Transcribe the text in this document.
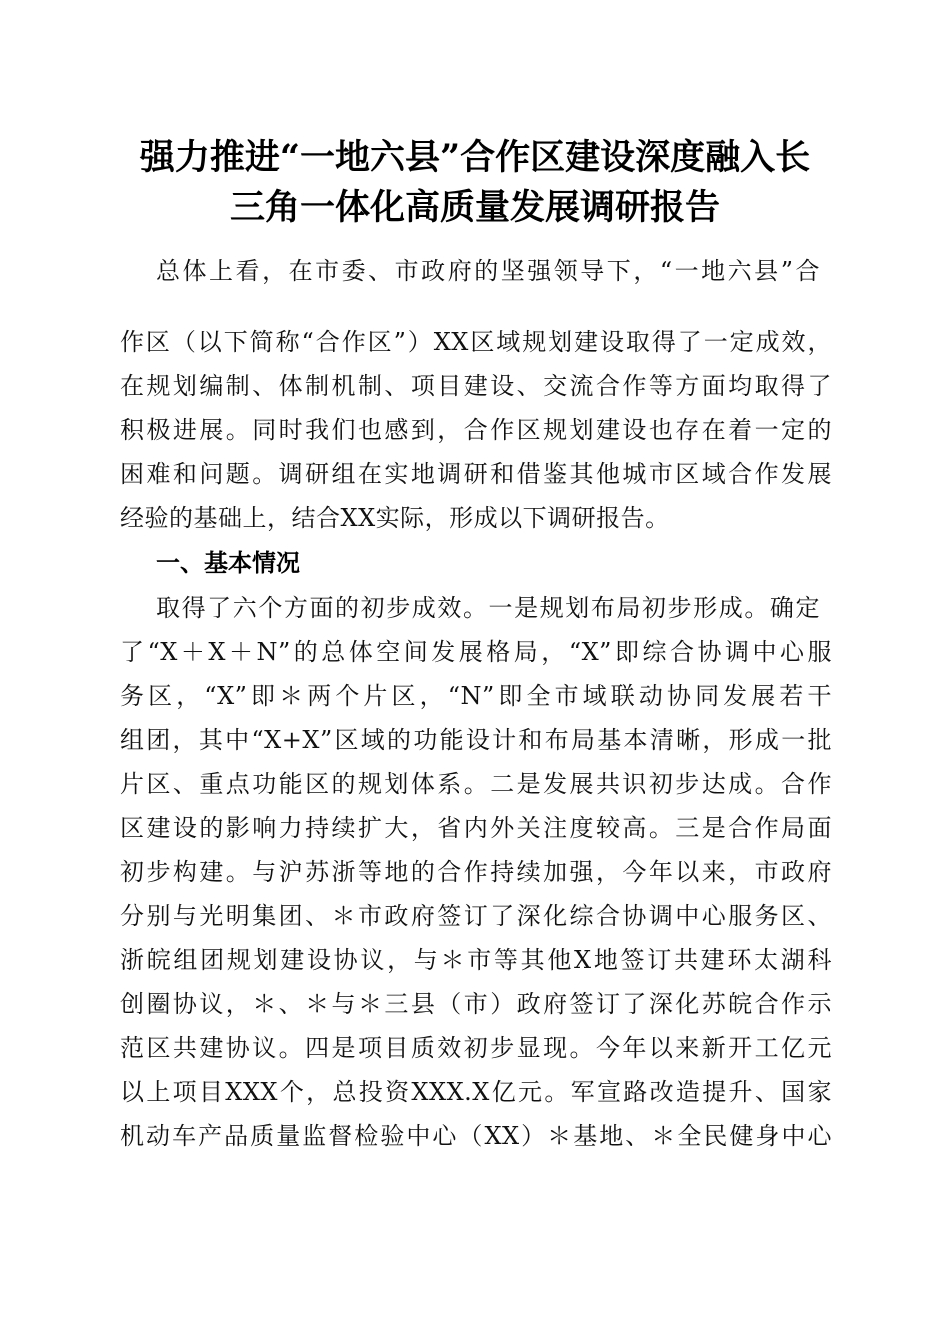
强力推进“一地六县”合作区建设深度融入长
三角一体化高质量发展调研报告
总体上看，在市委、市政府的坚强领导下，“一地六县”合
作区（以下简称“合作区”）XX区域规划建设取得了一定成效，
在规划编制、体制机制、项目建设、交流合作等方面均取得了
积极进展。同时我们也感到，合作区规划建设也存在着一定的
困难和问题。调研组在实地调研和借鉴其他城市区域合作发展
经验的基础上，结合XX实际，形成以下调研报告。
一、基本情况
取得了六个方面的初步成效。一是规划布局初步形成。确定
了“X＋X＋N”的总体空间发展格局，“X”即综合协调中心服
务区，“X”即＊两个片区，“N”即全市域联动协同发展若干
组团，其中“X+X”区域的功能设计和布局基本清晰，形成一批
片区、重点功能区的规划体系。二是发展共识初步达成。合作
区建设的影响力持续扩大，省内外关注度较高。三是合作局面
初步构建。与沪苏浙等地的合作持续加强，今年以来，市政府
分别与光明集团、＊市政府签订了深化综合协调中心服务区、
浙皖组团规划建设协议，与＊市等其他X地签订共建环太湖科
创圈协议，＊、＊与＊三县（市）政府签订了深化苏皖合作示
范区共建协议。四是项目质效初步显现。今年以来新开工亿元
以上项目XXX个，总投资XXX.X亿元。军宣路改造提升、国家
机动车产品质量监督检验中心（XX）＊基地、＊全民健身中心
